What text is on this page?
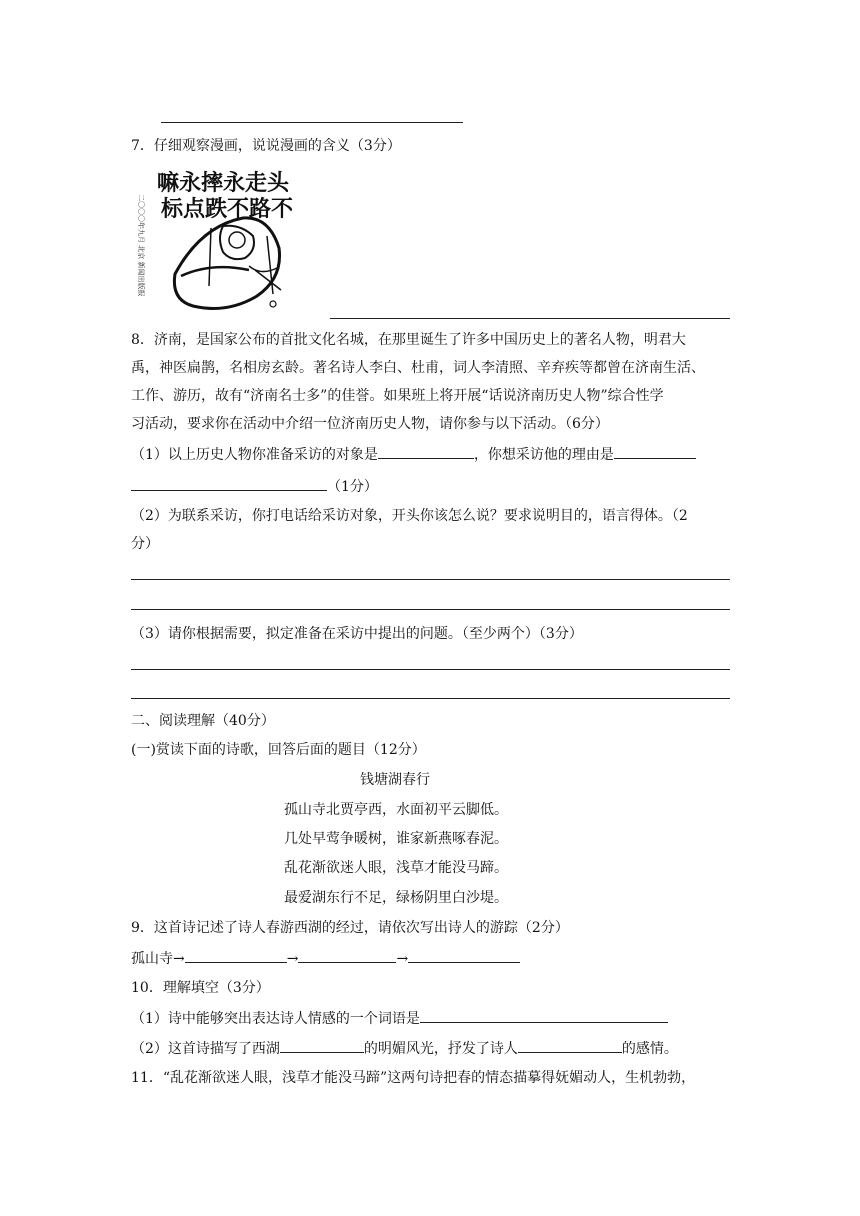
7．仔细观察漫画，说说漫画的含义（3分）
嘛永摔永走头
标点跌不路不
二〇〇〇年九月 北京 新闻出版报
8．济南，是国家公布的首批文化名城，在那里诞生了许多中国历史上的著名人物，明君大
禹，神医扁鹊，名相房玄龄。著名诗人李白、杜甫，词人李清照、辛弃疾等都曾在济南生活、
工作、游历，故有“济南名士多”的佳誉。如果班上将开展“话说济南历史人物”综合性学
习活动，要求你在活动中介绍一位济南历史人物，请你参与以下活动。（6分）
（1）以上历史人物你准备采访的对象是	，你想采访他的理由是
（1分）
（2）为联系采访，你打电话给采访对象，开头你该怎么说？要求说明目的，语言得体。（2
分）
（3）请你根据需要，拟定准备在采访中提出的问题。（至少两个）（3分）
二、阅读理解（40分）
(一)赏读下面的诗歌，回答后面的题目（12分）
钱塘湖春行
孤山寺北贾亭西，水面初平云脚低。
几处早莺争暖树，谁家新燕啄春泥。
乱花渐欲迷人眼，浅草才能没马蹄。
最爱湖东行不足，绿杨阴里白沙堤。
9．这首诗记述了诗人春游西湖的经过，请依次写出诗人的游踪（2分）
孤山寺→	→	→
10．理解填空（3分）
（1）诗中能够突出表达诗人情感的一个词语是
（2）这首诗描写了西湖	的明媚风光，抒发了诗人	的感情。
11．“乱花渐欲迷人眼，浅草才能没马蹄”这两句诗把春的情态描摹得妩媚动人，生机勃勃，
